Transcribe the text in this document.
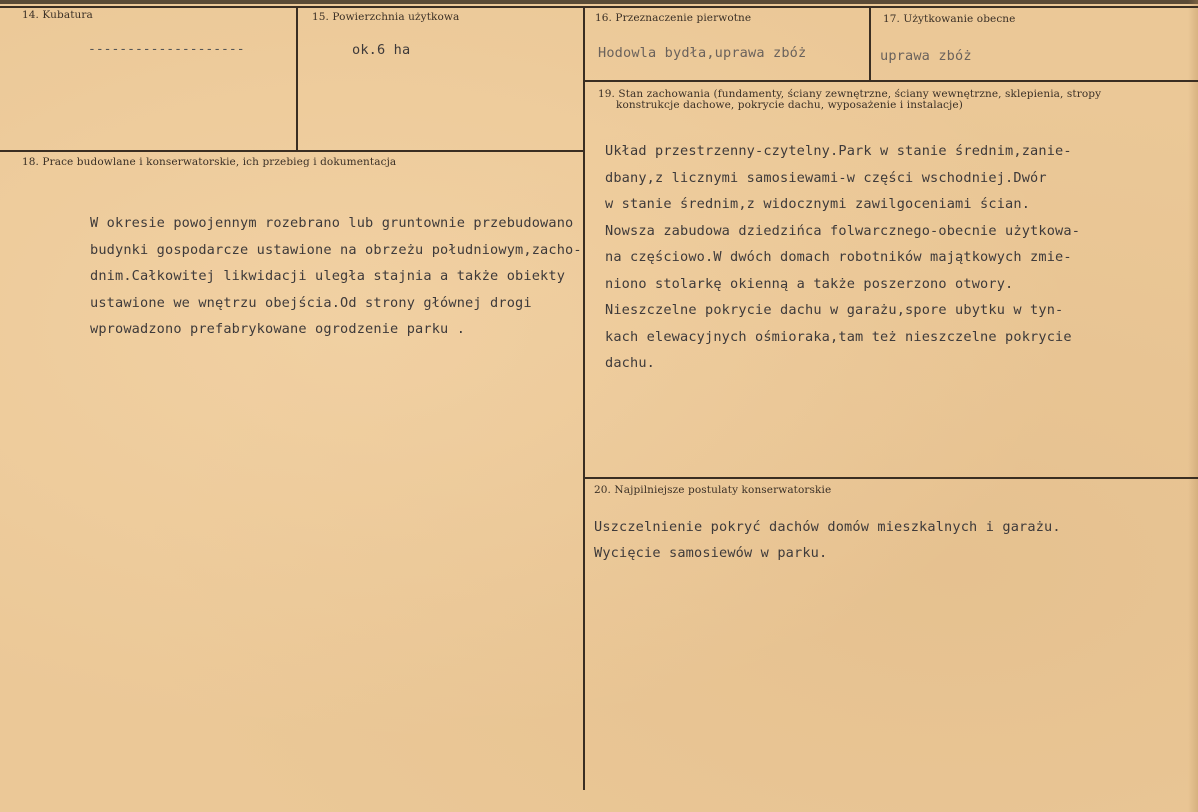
14. Kubatura
--------------------
15. Powierzchnia użytkowa
ok.6 ha
16. Przeznaczenie pierwotne
Hodowla bydła,uprawa zbóż
17. Użytkowanie obecne
uprawa zbóż
19. Stan zachowania (fundamenty, ściany zewnętrzne, ściany wewnętrzne, sklepienia, stropy
konstrukcje dachowe, pokrycie dachu, wyposażenie i instalacje)
Układ przestrzenny-czytelny.Park w stanie średnim,zanie-
dbany,z licznymi samosiewami-w części wschodniej.Dwór
w stanie średnim,z widocznymi zawilgoceniami ścian.
Nowsza zabudowa dziedzińca folwarcznego-obecnie użytkowa-
na częściowo.W dwóch domach robotników majątkowych zmie-
niono stolarkę okienną a także poszerzono otwory.
Nieszczelne pokrycie dachu w garażu,spore ubytku w tyn-
kach elewacyjnych ośmioraka,tam też nieszczelne pokrycie
dachu.
18. Prace budowlane i konserwatorskie, ich przebieg i dokumentacja
W okresie powojennym rozebrano lub gruntownie przebudowano
budynki gospodarcze ustawione na obrzeżu południowym,zacho-
dnim.Całkowitej likwidacji uległa stajnia a także obiekty
ustawione we wnętrzu obejścia.Od strony głównej drogi
wprowadzono prefabrykowane ogrodzenie parku .
20. Najpilniejsze postulaty konserwatorskie
Uszczelnienie pokryć dachów domów mieszkalnych i garażu.
Wycięcie samosiewów w parku.
